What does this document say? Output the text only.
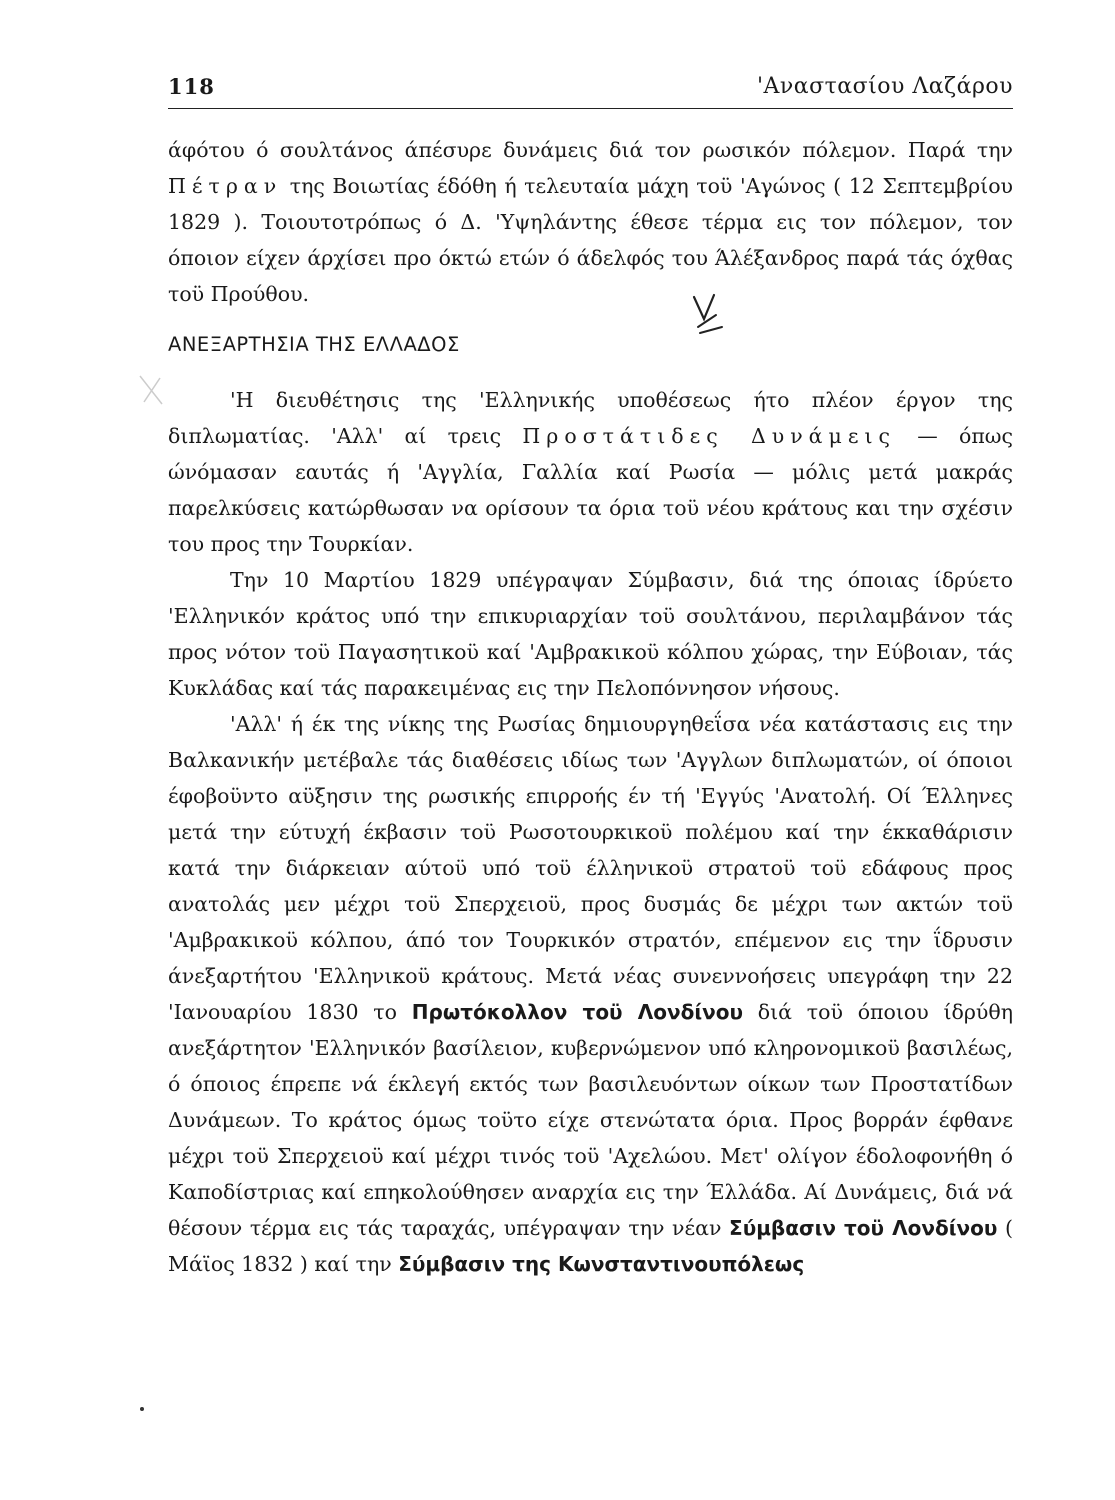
118	'Αναστασίου Λαζάρου

άφότου ό σουλτάνος άπέσυρε δυνάμεις διά τον ρωσικόν πόλεμον. Παρά την Πέτραν της Βοιωτίας έδόθη ή τελευταία μάχη τοϋ 'Αγώνος ( 12 Σεπτεμβρίου 1829 ). Τοιουτοτρόπως ό Δ. 'Υψηλάντης έθεσε τέρμα εις τον πόλεμον, τον όποιον είχεν άρχίσει προ όκτώ ετών ό άδελφός του Άλέξανδρος παρά τάς όχθας τοϋ Προύθου.

ΑΝΕΞΑΡΤΗΣΙΑ ΤΗΣ ΕΛΛΑΔΟΣ

'Η διευθέτησις της 'Ελληνικής υποθέσεως ήτο πλέον έργον της διπλωματίας. 'Αλλ' αί τρεις Προστάτιδες Δυνάμεις — όπως ώνόμασαν εαυτάς ή 'Αγγλία, Γαλλία καί Ρωσία — μόλις μετά μακράς παρελκύσεις κατώρθωσαν να ορίσουν τα όρια τοϋ νέου κράτους και την σχέσιν του προς την Τουρκίαν.

Την 10 Μαρτίου 1829 υπέγραψαν Σύμβασιν, διά της όποιας ίδρύετο 'Ελληνικόν κράτος υπό την επικυριαρχίαν τοϋ σουλτάνου, περιλαμβάνον τάς προς νότον τοϋ Παγασητικοϋ καί 'Αμβρακικοϋ κόλπου χώρας, την Εύβοιαν, τάς Κυκλάδας καί τάς παρακειμένας εις την Πελοπόννησον νήσους.

'Αλλ' ή έκ της νίκης της Ρωσίας δημιουργηθεΐσα νέα κατάστασις εις την Βαλκανικήν μετέβαλε τάς διαθέσεις ιδίως των 'Αγγλων διπλωματών, οί όποιοι έφοβοϋντο αϋξησιν της ρωσικής επιρροής έν τή 'Εγγύς 'Ανατολή. Οί Έλληνες μετά την εύτυχή έκβασιν τοϋ Ρωσοτουρκικοϋ πολέμου καί την έκκαθάρισιν κατά την διάρκειαν αύτοϋ υπό τοϋ έλληνικοϋ στρατοϋ τοϋ εδάφους προς ανατολάς μεν μέχρι τοϋ Σπερχειοϋ, προς δυσμάς δε μέχρι των ακτών τοϋ 'Αμβρακικοϋ κόλπου, άπό τον Τουρκικόν στρατόν, επέμενον εις την ΐδρυσιν άνεξαρτήτου 'Ελληνικοϋ κράτους. Μετά νέας συνεννοήσεις υπεγράφη την 22 'Ιανουαρίου 1830 το Πρωτόκολλον τοϋ Λονδίνου διά τοϋ όποιου ίδρύθη ανεξάρτητον 'Ελληνικόν βασίλειον, κυβερνώμενον υπό κληρονομικοϋ βασιλέως, ό όποιος έπρεπε νά έκλεγή εκτός των βασιλευόντων οίκων των Προστατίδων Δυνάμεων. Το κράτος όμως τοϋτο είχε στενώτατα όρια. Προς βορράν έφθανε μέχρι τοϋ Σπερχειοϋ καί μέχρι τινός τοϋ 'Αχελώου. Μετ' ολίγον έδολοφονήθη ό Καποδίστριας καί επηκολούθησεν αναρχία εις την Έλλάδα. Αί Δυνάμεις, διά νά θέσουν τέρμα εις τάς ταραχάς, υπέγραψαν την νέαν Σύμβασιν τοϋ Λονδίνου ( Μάϊος 1832 ) καί την Σύμβασιν της Κωνσταντινουπόλεως
